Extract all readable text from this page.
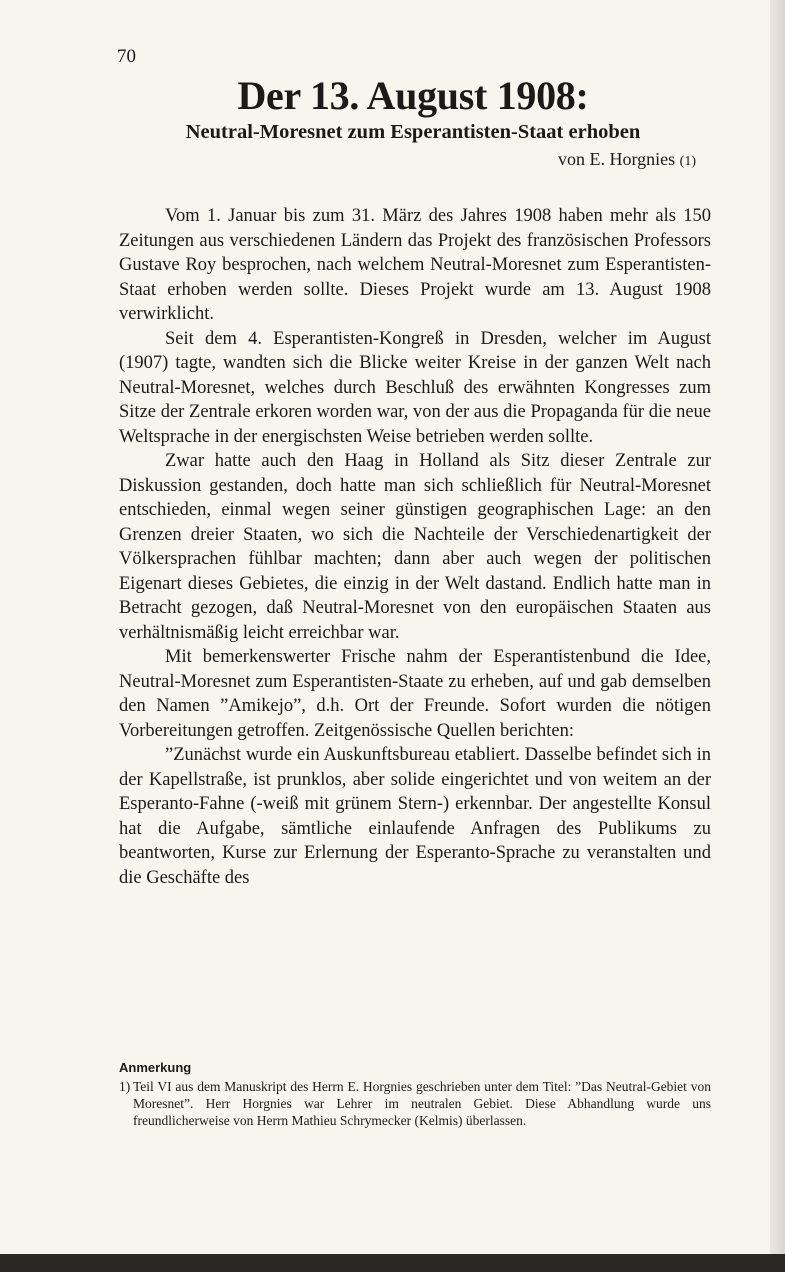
70
Der 13. August 1908:
Neutral-Moresnet zum Esperantisten-Staat erhoben
von E. Horgnies (1)

Vom 1. Januar bis zum 31. März des Jahres 1908 haben mehr als 150 Zeitungen aus verschiedenen Ländern das Projekt des französischen Professors Gustave Roy besprochen, nach welchem Neutral-Moresnet zum Esperantisten-Staat erhoben werden sollte. Dieses Projekt wurde am 13. August 1908 verwirklicht.

Seit dem 4. Esperantisten-Kongreß in Dresden, welcher im August (1907) tagte, wandten sich die Blicke weiter Kreise in der ganzen Welt nach Neutral-Moresnet, welches durch Beschluß des erwähnten Kongresses zum Sitze der Zentrale erkoren worden war, von der aus die Propaganda für die neue Weltsprache in der energischsten Weise betrieben werden sollte.

Zwar hatte auch den Haag in Holland als Sitz dieser Zentrale zur Diskussion gestanden, doch hatte man sich schließlich für Neutral-Moresnet entschieden, einmal wegen seiner günstigen geographischen Lage: an den Grenzen dreier Staaten, wo sich die Nachteile der Verschiedenartigkeit der Völkersprachen fühlbar machten; dann aber auch wegen der politischen Eigenart dieses Gebietes, die einzig in der Welt dastand. Endlich hatte man in Betracht gezogen, daß Neutral-Moresnet von den europäischen Staaten aus verhältnismäßig leicht erreichbar war.

Mit bemerkenswerter Frische nahm der Esperantistenbund die Idee, Neutral-Moresnet zum Esperantisten-Staate zu erheben, auf und gab demselben den Namen ”Amikejo”, d.h. Ort der Freunde. Sofort wurden die nötigen Vorbereitungen getroffen. Zeitgenössische Quellen berichten:

”Zunächst wurde ein Auskunftsbureau etabliert. Dasselbe befindet sich in der Kapellstraße, ist prunklos, aber solide eingerichtet und von weitem an der Esperanto-Fahne (-weiß mit grünem Stern-) erkennbar. Der angestellte Konsul hat die Aufgabe, sämtliche einlaufende Anfragen des Publikums zu beantworten, Kurse zur Erlernung der Esperanto-Sprache zu veranstalten und die Geschäfte des

Anmerkung
1) Teil VI aus dem Manuskript des Herrn E. Horgnies geschrieben unter dem Titel: ”Das Neutral-Gebiet von Moresnet”. Herr Horgnies war Lehrer im neutralen Gebiet. Diese Abhandlung wurde uns freundlicherweise von Herrn Mathieu Schrymecker (Kelmis) überlassen.
